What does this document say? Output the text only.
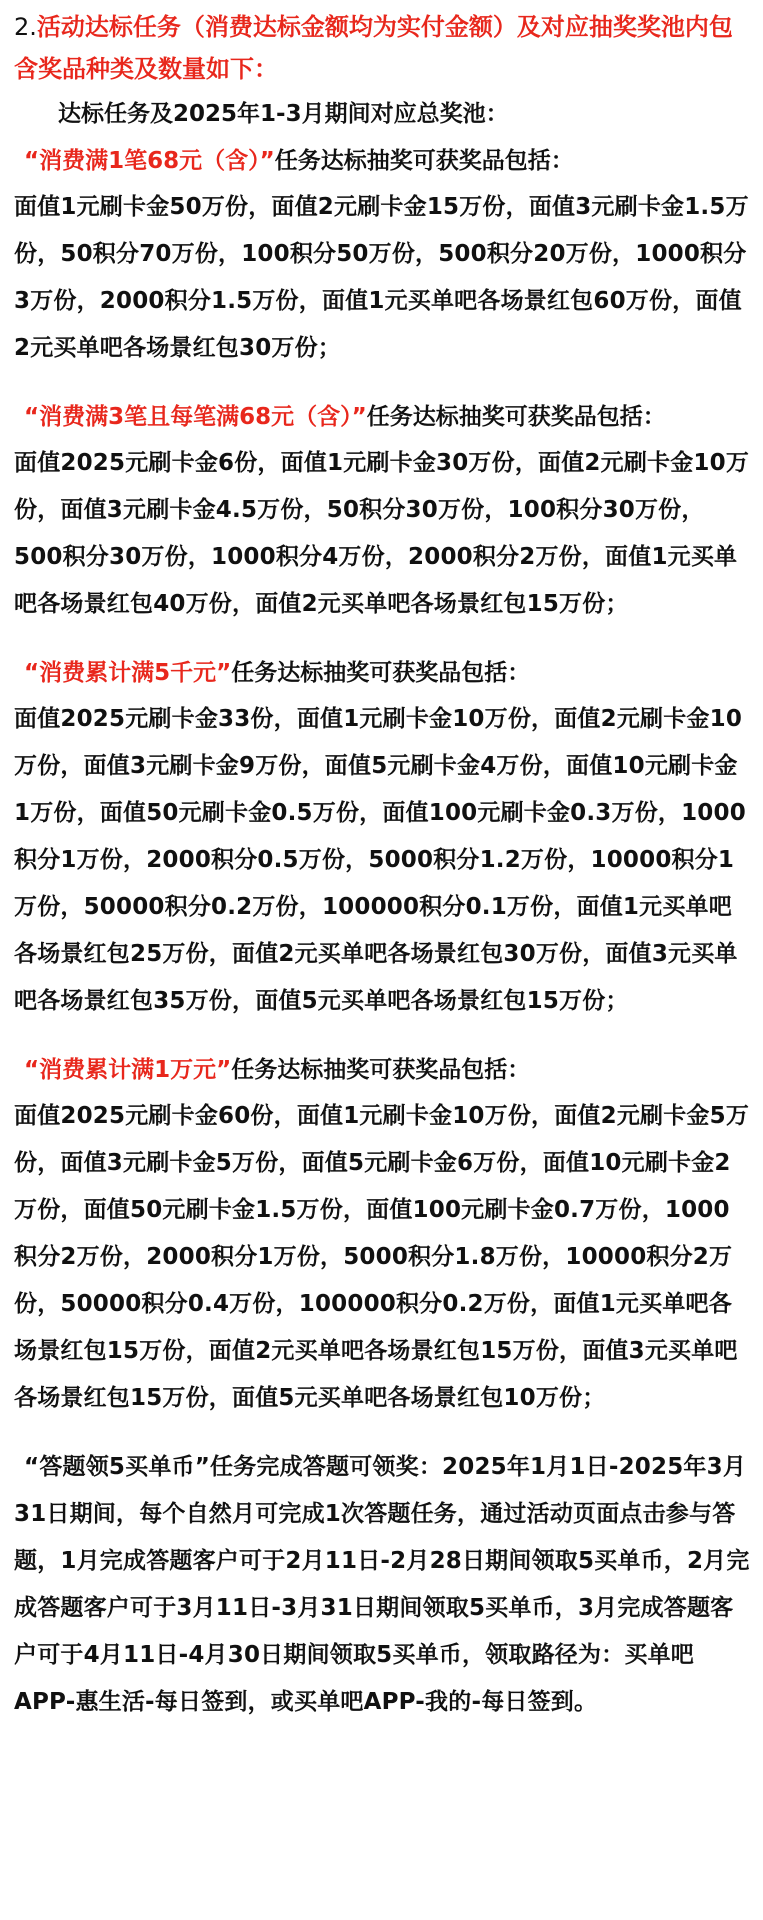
2.活动达标任务（消费达标金额均为实付金额）及对应抽奖奖池内包含奖品种类及数量如下：

达标任务及2025年1-3月期间对应总奖池：

“消费满1笔68元（含）”任务达标抽奖可获奖品包括：

面值1元刷卡金50万份，面值2元刷卡金15万份，面值3元刷卡金1.5万份，50积分70万份，100积分50万份，500积分20万份，1000积分3万份，2000积分1.5万份，面值1元买单吧各场景红包60万份，面值2元买单吧各场景红包30万份；

“消费满3笔且每笔满68元（含）”任务达标抽奖可获奖品包括：

面值2025元刷卡金6份，面值1元刷卡金30万份，面值2元刷卡金10万份，面值3元刷卡金4.5万份，50积分30万份，100积分30万份，500积分30万份，1000积分4万份，2000积分2万份，面值1元买单吧各场景红包40万份，面值2元买单吧各场景红包15万份；

“消费累计满5千元”任务达标抽奖可获奖品包括：

面值2025元刷卡金33份，面值1元刷卡金10万份，面值2元刷卡金10万份，面值3元刷卡金9万份，面值5元刷卡金4万份，面值10元刷卡金1万份，面值50元刷卡金0.5万份，面值100元刷卡金0.3万份，1000积分1万份，2000积分0.5万份，5000积分1.2万份，10000积分1万份，50000积分0.2万份，100000积分0.1万份，面值1元买单吧各场景红包25万份，面值2元买单吧各场景红包30万份，面值3元买单吧各场景红包35万份，面值5元买单吧各场景红包15万份；

“消费累计满1万元”任务达标抽奖可获奖品包括：

面值2025元刷卡金60份，面值1元刷卡金10万份，面值2元刷卡金5万份，面值3元刷卡金5万份，面值5元刷卡金6万份，面值10元刷卡金2万份，面值50元刷卡金1.5万份，面值100元刷卡金0.7万份，1000积分2万份，2000积分1万份，5000积分1.8万份，10000积分2万份，50000积分0.4万份，100000积分0.2万份，面值1元买单吧各场景红包15万份，面值2元买单吧各场景红包15万份，面值3元买单吧各场景红包15万份，面值5元买单吧各场景红包10万份；

“答题领5买单币”任务完成答题可领奖：2025年1月1日-2025年3月31日期间，每个自然月可完成1次答题任务，通过活动页面点击参与答题，1月完成答题客户可于2月11日-2月28日期间领取5买单币，2月完成答题客户可于3月11日-3月31日期间领取5买单币，3月完成答题客户可于4月11日-4月30日期间领取5买单币，领取路径为：买单吧APP-惠生活-每日签到，或买单吧APP-我的-每日签到。
